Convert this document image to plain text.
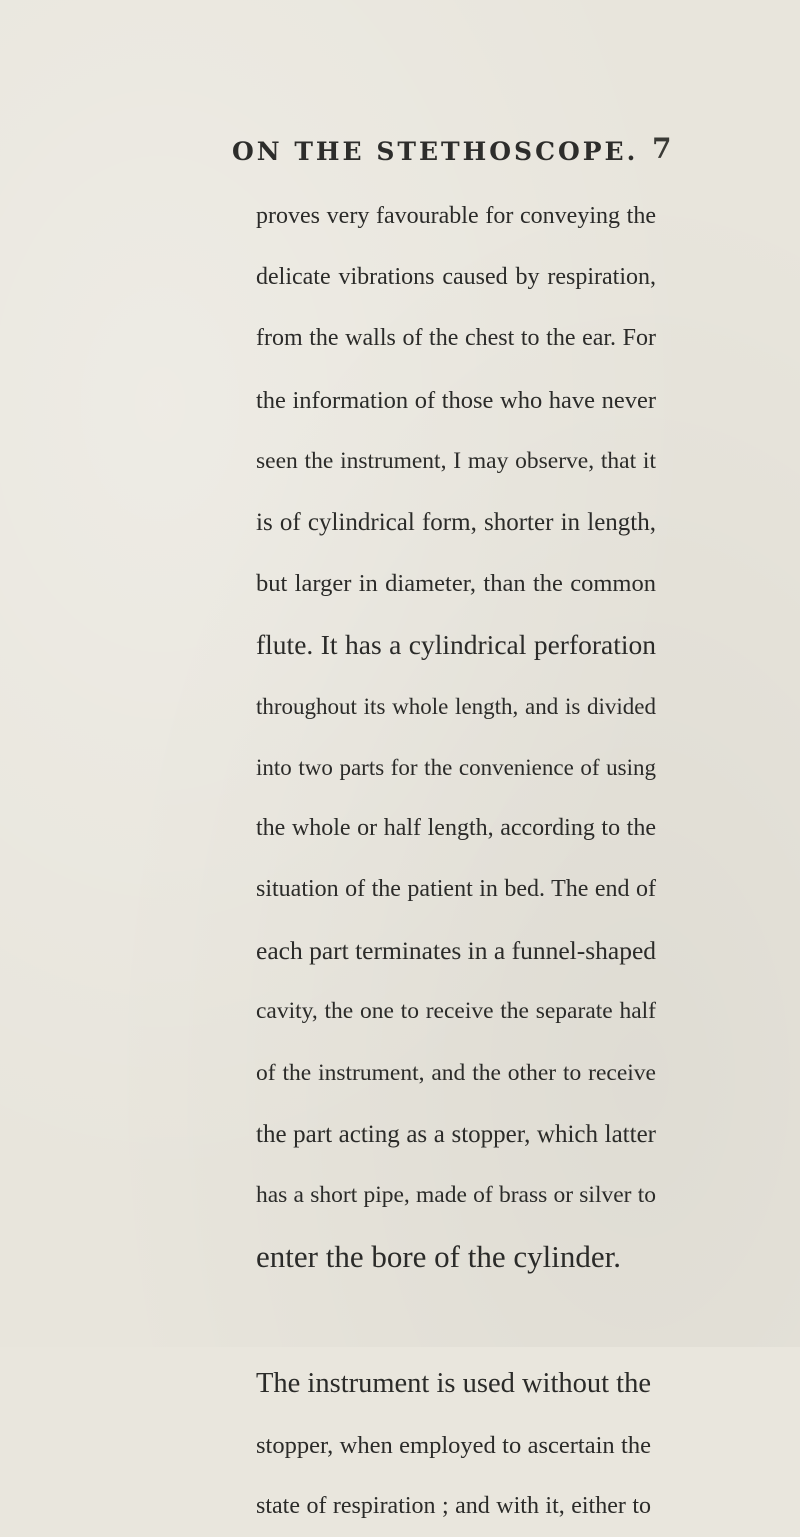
ON THE STETHOSCOPE. 7
proves very favourable for conveying the
delicate vibrations caused by respiration,
from the walls of the chest to the ear. For
the information of those who have never
seen the instrument, I may observe, that it
is of cylindrical form, shorter in length,
but larger in diameter, than the common
flute. It has a cylindrical perforation
throughout its whole length, and is divided
into two parts for the convenience of using
the whole or half length, according to the
situation of the patient in bed. The end of
each part terminates in a funnel-shaped
cavity, the one to receive the separate half
of the instrument, and the other to receive
the part acting as a stopper, which latter
has a short pipe, made of brass or silver to
enter the bore of the cylinder.
The instrument is used without the
stopper, when employed to ascertain the
state of respiration ; and with it, either to
